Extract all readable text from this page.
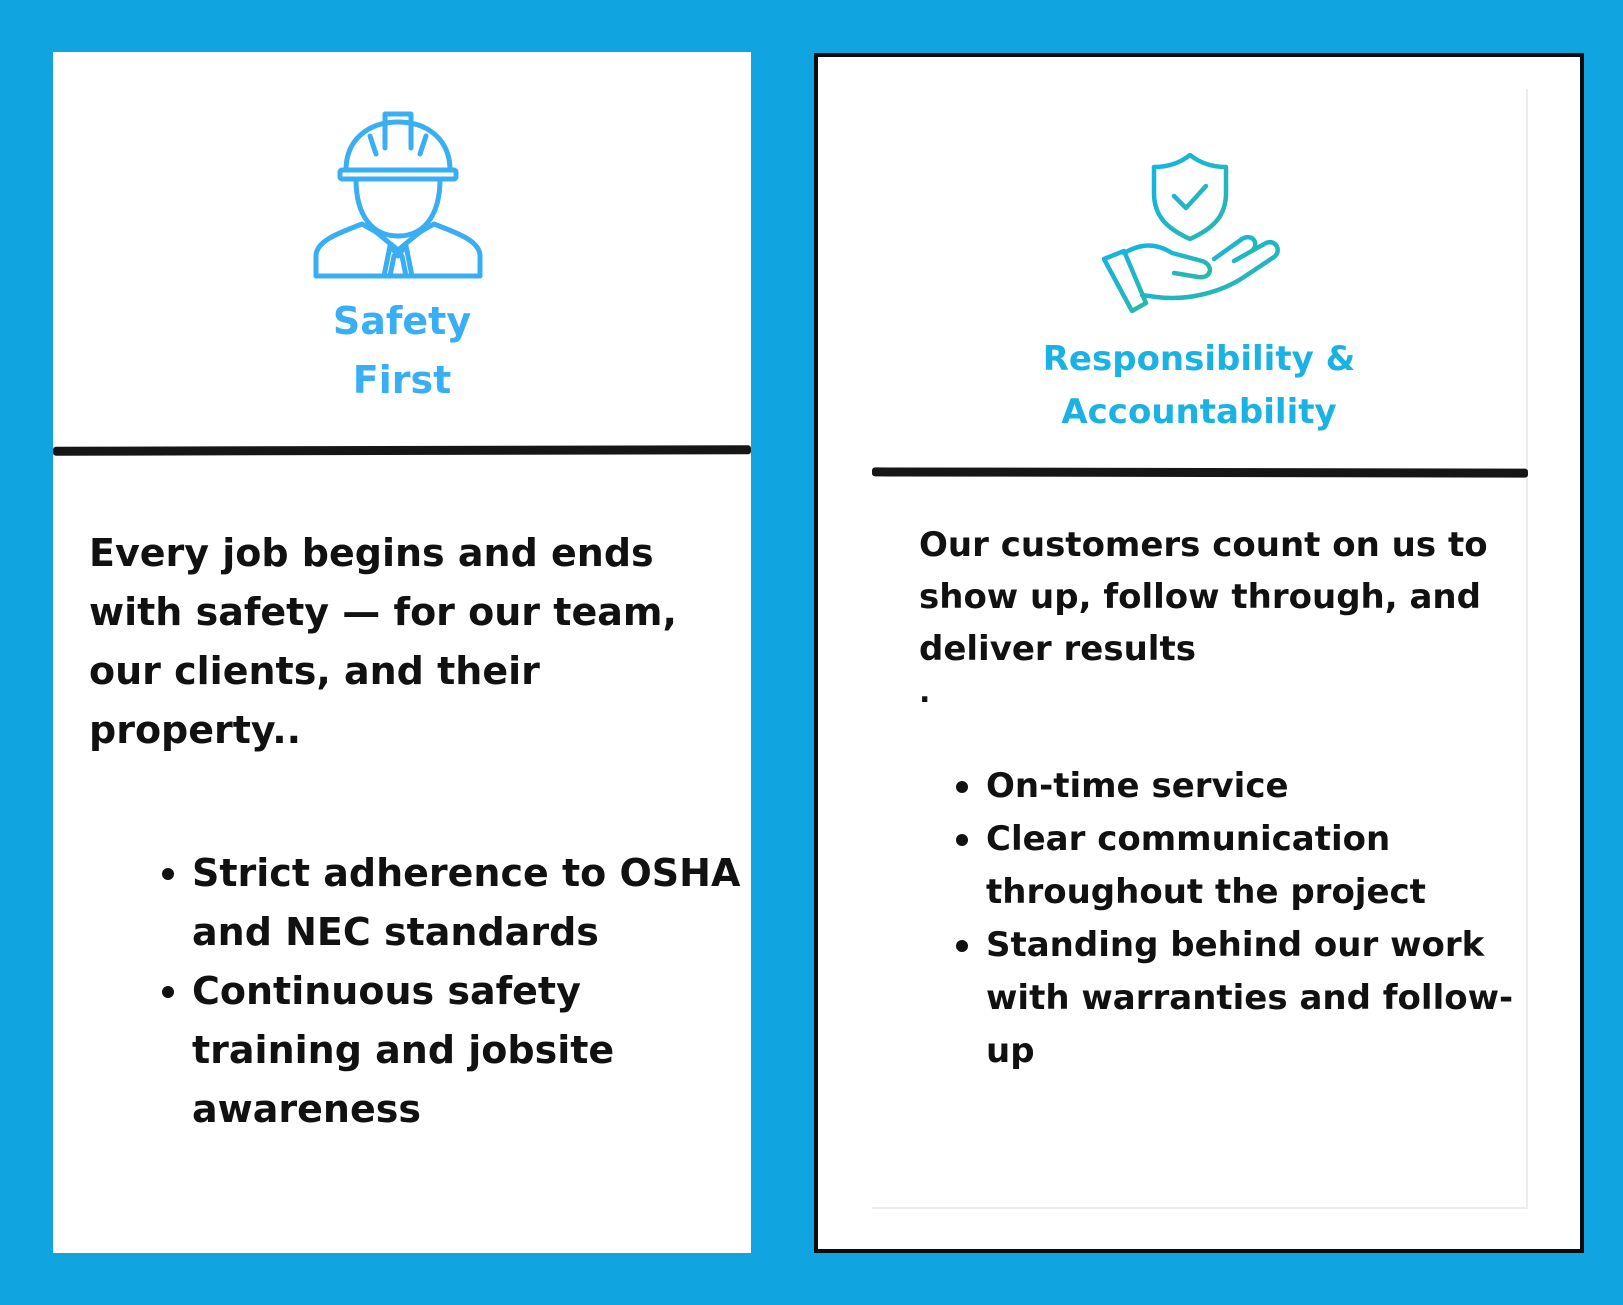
Safety
First

Every job begins and ends with safety — for our team, our clients, and their property..

Strict adherence to OSHA and NEC standards
Continuous safety training and jobsite awareness
Responsibility &
Accountability

Our customers count on us to show up, follow through, and deliver results

.

On-time service
Clear communication throughout the project
Standing behind our work with warranties and follow-up
